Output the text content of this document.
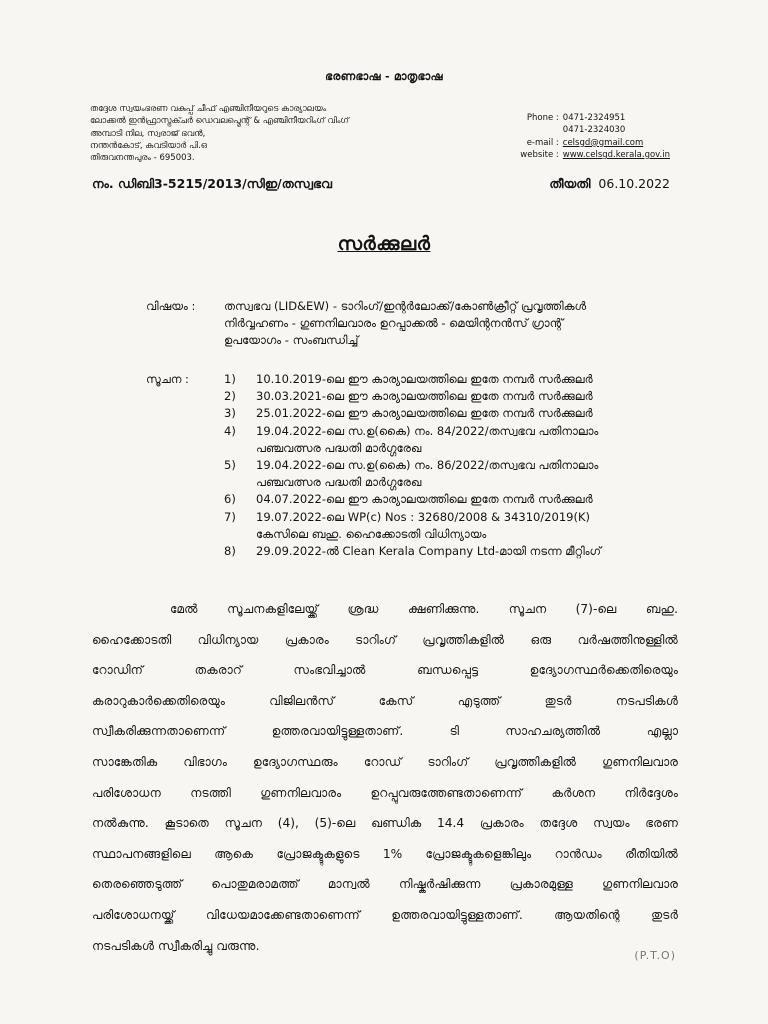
ഭരണഭാഷ - മാതൃഭാഷ
തദ്ദേശ സ്വയംഭരണ വകുപ്പ് ചീഫ് എഞ്ചിനീയറുടെ കാര്യാലയം
ലോക്കൽ ഇൻഫ്രാസ്ട്രക്ചർ ഡെവലപ്മെന്റ് & എഞ്ചിനീയറിംഗ് വിംഗ്
അമ്പാടി നില, സ്വരാജ് ഭവൻ,
നന്തൻകോട്, കവടിയാർ പി.ഒ
തിരുവനന്തപുരം - 695003.
Phone : 0471-2324951
0471-2324030
e-mail : celsgd@gmail.com
website : www.celsgd.kerala.gov.in
നം. ഡിബി3-5215/2013/സിഇ/തസ്വഭവ	തീയതി 06.10.2022
സർക്കുലർ
വിഷയം :	തസ്വഭവ (LID&EW) - ടാറിംഗ്/ഇന്റർലോക്ക്/കോൺക്രീറ്റ് പ്രവൃത്തികൾ
നിർവ്വഹണം - ഗുണനിലവാരം ഉറപ്പാക്കൽ - മെയിന്റനൻസ് ഗ്രാന്റ്
ഉപയോഗം - സംബന്ധിച്ച്
സൂചന :	1)	10.10.2019-ലെ ഈ കാര്യാലയത്തിലെ ഇതേ നമ്പർ സർക്കുലർ
2)	30.03.2021-ലെ ഈ കാര്യാലയത്തിലെ ഇതേ നമ്പർ സർക്കുലർ
3)	25.01.2022-ലെ ഈ കാര്യാലയത്തിലെ ഇതേ നമ്പർ സർക്കുലർ
4)	19.04.2022-ലെ സ.ഉ(കൈ) നം. 84/2022/തസ്വഭവ പതിനാലാം
പഞ്ചവത്സര പദ്ധതി മാർഗ്ഗരേഖ
5)	19.04.2022-ലെ സ.ഉ(കൈ) നം. 86/2022/തസ്വഭവ പതിനാലാം
പഞ്ചവത്സര പദ്ധതി മാർഗ്ഗരേഖ
6)	04.07.2022-ലെ ഈ കാര്യാലയത്തിലെ ഇതേ നമ്പർ സർക്കുലർ
7)	19.07.2022-ലെ WP(c) Nos : 32680/2008 & 34310/2019(K)
കേസിലെ ബഹു. ഹൈക്കോടതി വിധിന്യായം
8)	29.09.2022-ൽ Clean Kerala Company Ltd-മായി നടന്ന മീറ്റിംഗ്
മേൽ സൂചനകളിലേയ്ക്ക് ശ്രദ്ധ ക്ഷണിക്കുന്നു. സൂചന (7)-ലെ ബഹു.
ഹൈക്കോടതി വിധിന്യായ പ്രകാരം ടാറിംഗ് പ്രവൃത്തികളിൽ ഒരു വർഷത്തിനുള്ളിൽ
റോഡിന് തകരാറ് സംഭവിച്ചാൽ ബന്ധപ്പെട്ട ഉദ്യോഗസ്ഥർക്കെതിരെയും
കരാറുകാർക്കെതിരെയും വിജിലൻസ് കേസ് എടുത്ത് തുടർ നടപടികൾ
സ്വീകരിക്കുന്നതാണെന്ന് ഉത്തരവായിട്ടുള്ളതാണ്. ടി സാഹചര്യത്തിൽ എല്ലാ
സാങ്കേതിക വിഭാഗം ഉദ്യോഗസ്ഥരും റോഡ് ടാറിംഗ് പ്രവൃത്തികളിൽ ഗുണനിലവാര
പരിശോധന നടത്തി ഗുണനിലവാരം ഉറപ്പുവരുത്തേണ്ടതാണെന്ന് കർശന നിർദ്ദേശം
നൽകുന്നു. കൂടാതെ സൂചന (4), (5)-ലെ ഖണ്ഡിക 14.4 പ്രകാരം തദ്ദേശ സ്വയം ഭരണ
സ്ഥാപനങ്ങളിലെ ആകെ പ്രോജക്ടുകളുടെ 1% പ്രോജക്ടുകളെങ്കിലും റാൻഡം രീതിയിൽ
തെരഞ്ഞെടുത്ത് പൊതുമരാമത്ത് മാന്വൽ നിഷ്കർഷിക്കുന്ന പ്രകാരമുള്ള ഗുണനിലവാര
പരിശോധനയ്ക്ക് വിധേയമാക്കേണ്ടതാണെന്ന് ഉത്തരവായിട്ടുള്ളതാണ്. ആയതിന്റെ തുടർ
നടപടികൾ സ്വീകരിച്ചു വരുന്നു.
(P.T.O)
